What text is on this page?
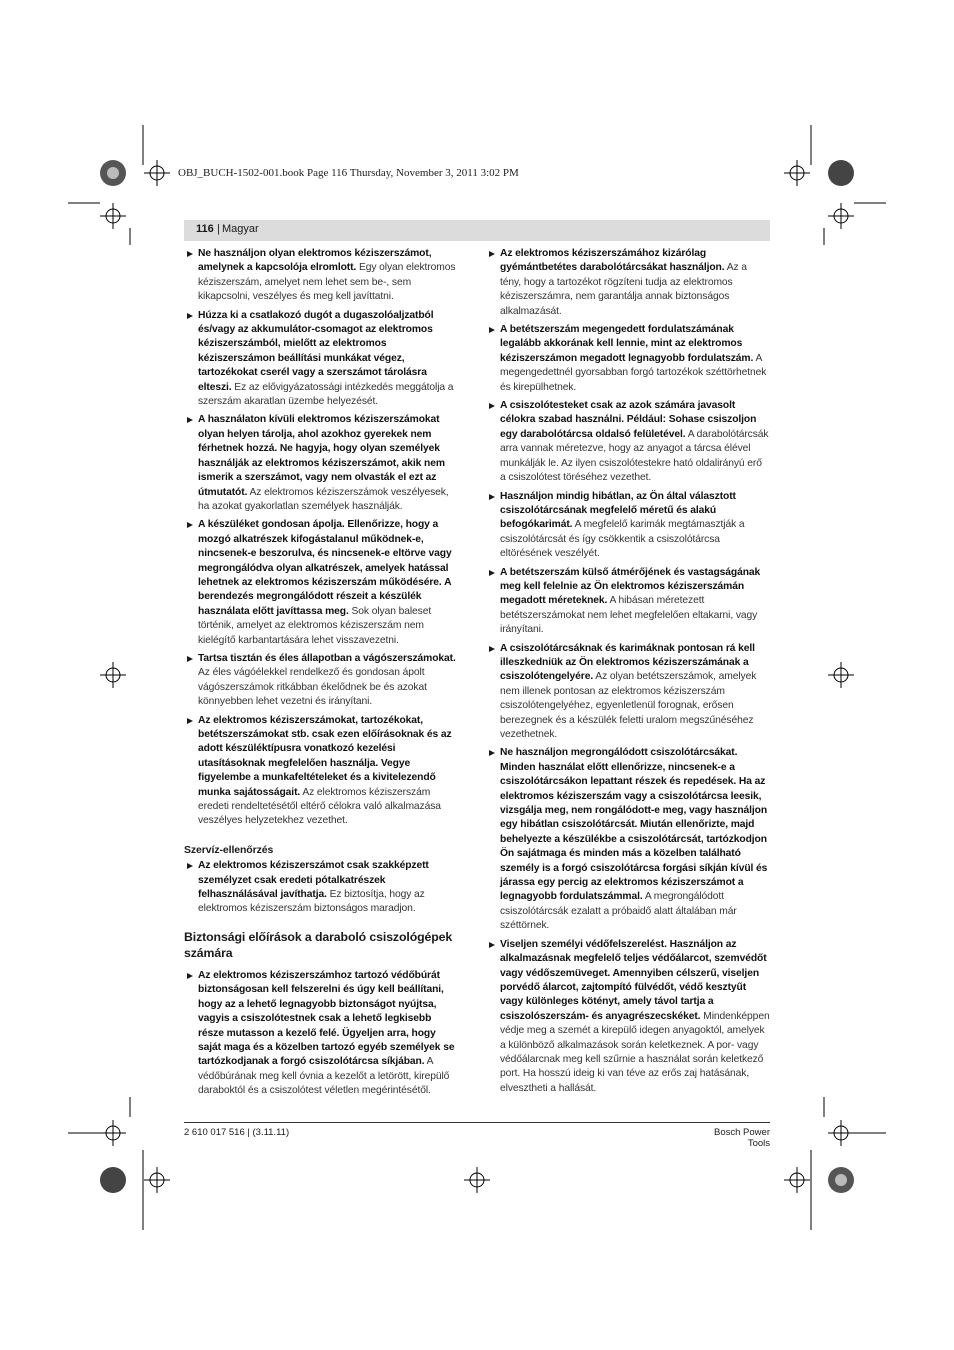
OBJ_BUCH-1502-001.book Page 116 Thursday, November 3, 2011 3:02 PM
116 | Magyar
Ne használjon olyan elektromos kéziszerszámot, amelynek a kapcsolója elromlott. Egy olyan elektromos kéziszerszám, amelyet nem lehet sem be-, sem kikapcsolni, veszélyes és meg kell javíttatni.
Húzza ki a csatlakozó dugót a dugaszolóaljzatból és/vagy az akkumulátor-csomagot az elektromos kéziszerszámból, mielőtt az elektromos kéziszerszámon beállítási munkákat végez, tartozékokat cserél vagy a szerszámot tárolásra elteszi. Ez az elővigyázatossági intézkedés meggátolja a szerszám akaratlan üzembe helyezését.
A használaton kívüli elektromos kéziszerszámokat olyan helyen tárolja, ahol azokhoz gyerekek nem férhetnek hozzá. Ne hagyja, hogy olyan személyek használják az elektromos kéziszerszámot, akik nem ismerik a szerszámot, vagy nem olvasták el ezt az útmutatót. Az elektromos kéziszerszámok veszélyesek, ha azokat gyakorlatlan személyek használják.
A készüléket gondosan ápolja. Ellenőrizze, hogy a mozgó alkatrészek kifogástalanul működnek-e, nincsenek-e beszorulva, és nincsenek-e eltörve vagy megrongálódva olyan alkatrészek, amelyek hatással lehetnek az elektromos kéziszerszám működésére. A berendezés megrongálódott részeit a készülék használata előtt javíttassa meg. Sok olyan baleset történik, amelyet az elektromos kéziszerszám nem kielégítő karbantartására lehet visszavezetni.
Tartsa tisztán és éles állapotban a vágószerszámokat. Az éles vágóélekkel rendelkező és gondosan ápolt vágószerszámok ritkábban ékelődnek be és azokat könnyebben lehet vezetni és irányítani.
Az elektromos kéziszerszámokat, tartozékokat, betétszerszámokat stb. csak ezen előírásoknak és az adott készüléktípusra vonatkozó kezelési utasításoknak megfelelően használja. Vegye figyelembe a munkafeltételeket és a kivitelezendő munka sajátosságait. Az elektromos kéziszerszám eredeti rendeltetésétől eltérő célokra való alkalmazása veszélyes helyzetekhez vezethet.
Szervíz-ellenőrzés
Az elektromos kéziszerszámot csak szakképzett személyzet csak eredeti pótalkatrészek felhasználásával javíthatja. Ez biztosítja, hogy az elektromos kéziszerszám biztonságos maradjon.
Biztonsági előírások a daraboló csiszológépek számára
Az elektromos kéziszerszámhoz tartozó védőbúrát biztonságosan kell felszerelni és úgy kell beállítani, hogy az a lehető legnagyobb biztonságot nyújtsa, vagyis a csiszolótestnek csak a lehető legkisebb része mutasson a kezelő felé. Ügyeljen arra, hogy saját maga és a közelben tartozó egyéb személyek se tartózkodjanak a forgó csiszolótárcsa síkjában. A védőbúrának meg kell óvnia a kezelőt a letörött, kirepülő daraboktól és a csiszolótest véletlen megérintésétől.
Az elektromos kéziszerszámához kizárólag gyémántbetétes darabolótárcsákat használjon. Az a tény, hogy a tartozékot rögzíteni tudja az elektromos kéziszerszámra, nem garantálja annak biztonságos alkalmazását.
A betétszerszám megengedett fordulatszámának legalább akkorának kell lennie, mint az elektromos kéziszerszámon megadott legnagyobb fordulatszám. A megengedettnél gyorsabban forgó tartozékok széttörhetnek és kirepülhetnek.
A csiszolótesteket csak az azok számára javasolt célokra szabad használni. Például: Sohase csiszoljon egy darabolótárcsa oldalsó felületével. A darabolótárcsák arra vannak méretezve, hogy az anyagot a tárcsa élével munkálják le. Az ilyen csiszolótestekre ható oldalirányú erő a csiszolótest töréséhez vezethet.
Használjon mindig hibátlan, az Ön által választott csiszolótárcsának megfelelő méretű és alakú befogókarimát. A megfelelő karimák megtámasztják a csiszolótárcsát és így csökkentik a csiszolótárcsa eltörésének veszélyét.
A betétszerszám külső átmérőjének és vastagságának meg kell felelnie az Ön elektromos kéziszerszámán megadott méreteknek. A hibásan méretezett betétszerszámokat nem lehet megfelelően eltakarni, vagy irányítani.
A csiszolótárcsáknak és karimáknak pontosan rá kell illeszkedniük az Ön elektromos kéziszerszámának a csiszolótengelyére. Az olyan betétszerszámok, amelyek nem illenek pontosan az elektromos kéziszerszám csiszolótengelyéhez, egyenletlenül forognak, erősen berezegnek és a készülék feletti uralom megszűnéséhez vezethetnek.
Ne használjon megrongálódott csiszolótárcsákat. Minden használat előtt ellenőrizze, nincsenek-e a csiszolótárcsákon lepattant részek és repedések. Ha az elektromos kéziszerszám vagy a csiszolótárcsa leesik, vizsgálja meg, nem rongálódott-e meg, vagy használjon egy hibátlan csiszolótárcsát. Miután ellenőrizte, majd behelyezte a készülékbe a csiszolótárcsát, tartózkodjon Ön sajátmaga és minden más a közelben található személy is a forgó csiszolótárcsa forgási síkján kívül és járassa egy percig az elektromos kéziszerszámot a legnagyobb fordulatszámmal. A megrongálódott csiszolótárcsák ezalatt a próbaidő alatt általában már széttörnek.
Viseljen személyi védőfelszerelést. Használjon az alkalmazásnak megfelelő teljes védőálarcot, szemvédőt vagy védőszemüveget. Amennyiben célszerű, viseljen porvédő álarcot, zajtompító fülvédőt, védő kesztyűt vagy különleges kötényt, amely távol tartja a csiszolószerszám- és anyagrészecskéket. Mindenképpen védje meg a szemét a kirepülő idegen anyagoktól, amelyek a különböző alkalmazások során keletkeznek. A por- vagy védőálarcnak meg kell szűrnie a használat során keletkező port. Ha hosszú ideig ki van téve az erős zaj hatásának, elvesztheti a hallását.
2 610 017 516 | (3.11.11)	Bosch Power Tools
